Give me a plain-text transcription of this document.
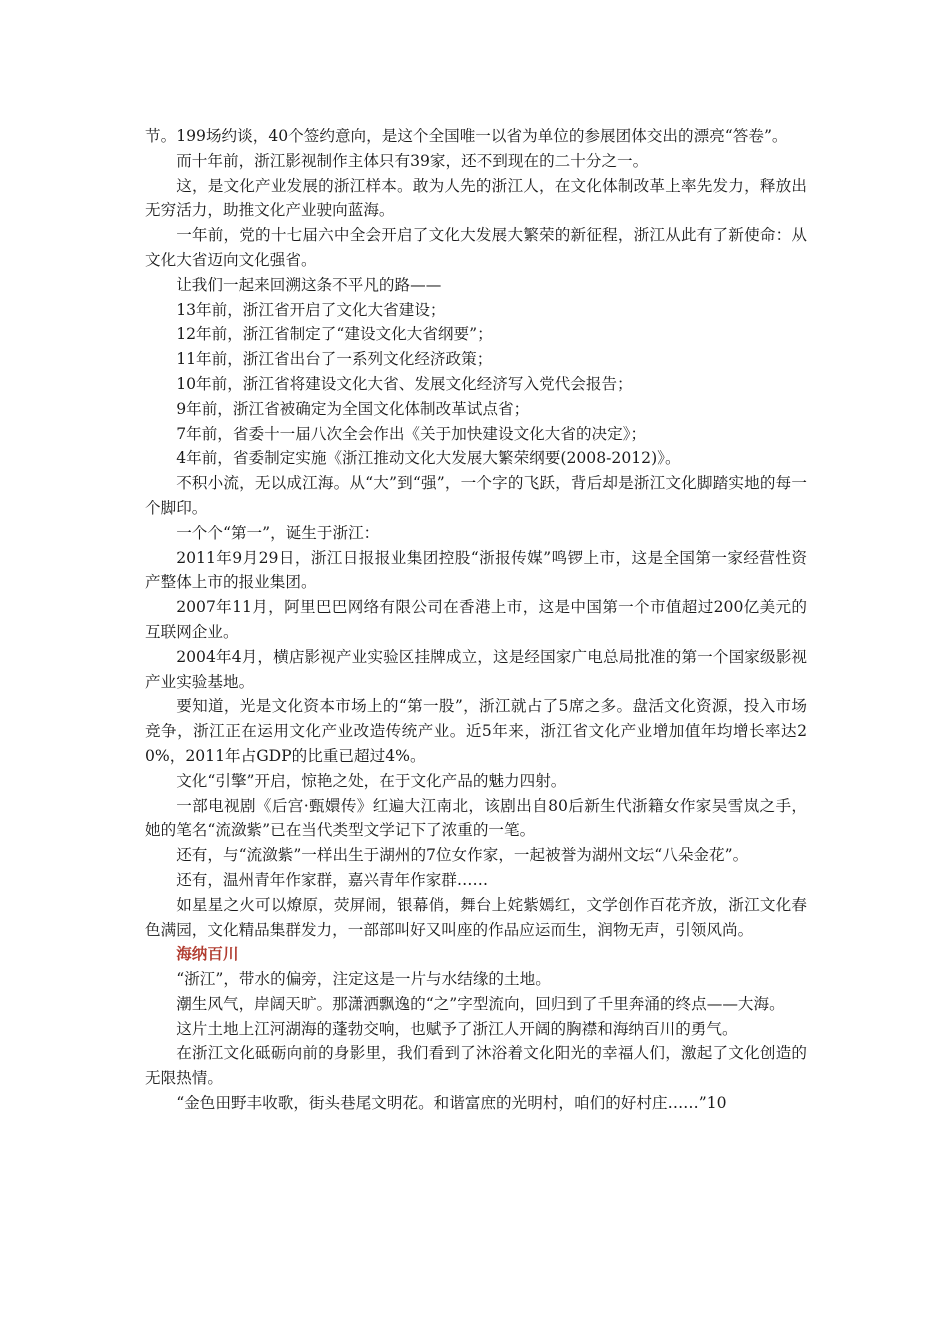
节。199场约谈，40个签约意向，是这个全国唯一以省为单位的参展团体交出的漂亮“答卷”。

而十年前，浙江影视制作主体只有39家，还不到现在的二十分之一。

这，是文化产业发展的浙江样本。敢为人先的浙江人，在文化体制改革上率先发力，释放出无穷活力，助推文化产业驶向蓝海。

一年前，党的十七届六中全会开启了文化大发展大繁荣的新征程，浙江从此有了新使命：从文化大省迈向文化强省。

让我们一起来回溯这条不平凡的路——

13年前，浙江省开启了文化大省建设；

12年前，浙江省制定了“建设文化大省纲要”；

11年前，浙江省出台了一系列文化经济政策；

10年前，浙江省将建设文化大省、发展文化经济写入党代会报告；

9年前，浙江省被确定为全国文化体制改革试点省；

7年前，省委十一届八次全会作出《关于加快建设文化大省的决定》；

4年前，省委制定实施《浙江推动文化大发展大繁荣纲要(2008-2012)》。

不积小流，无以成江海。从“大”到“强”，一个字的飞跃，背后却是浙江文化脚踏实地的每一个脚印。

一个个“第一”，诞生于浙江：

2011年9月29日，浙江日报报业集团控股“浙报传媒”鸣锣上市，这是全国第一家经营性资产整体上市的报业集团。

2007年11月，阿里巴巴网络有限公司在香港上市，这是中国第一个市值超过200亿美元的互联网企业。

2004年4月，横店影视产业实验区挂牌成立，这是经国家广电总局批准的第一个国家级影视产业实验基地。

要知道，光是文化资本市场上的“第一股”，浙江就占了5席之多。盘活文化资源，投入市场竞争，浙江正在运用文化产业改造传统产业。近5年来，浙江省文化产业增加值年均增长率达20%，2011年占GDP的比重已超过4%。

文化“引擎”开启，惊艳之处，在于文化产品的魅力四射。

一部电视剧《后宫·甄嬛传》红遍大江南北，该剧出自80后新生代浙籍女作家吴雪岚之手，她的笔名“流潋紫”已在当代类型文学记下了浓重的一笔。

还有，与“流潋紫”一样出生于湖州的7位女作家，一起被誉为湖州文坛“八朵金花”。

还有，温州青年作家群，嘉兴青年作家群……

如星星之火可以燎原，荧屏闹，银幕俏，舞台上姹紫嫣红，文学创作百花齐放，浙江文化春色满园，文化精品集群发力，一部部叫好又叫座的作品应运而生，润物无声，引领风尚。

海纳百川

“浙江”，带水的偏旁，注定这是一片与水结缘的土地。

潮生风气，岸阔天旷。那潇洒飘逸的“之”字型流向，回归到了千里奔涌的终点——大海。

这片土地上江河湖海的蓬勃交响，也赋予了浙江人开阔的胸襟和海纳百川的勇气。

在浙江文化砥砺向前的身影里，我们看到了沐浴着文化阳光的幸福人们，激起了文化创造的无限热情。

“金色田野丰收歌，街头巷尾文明花。和谐富庶的光明村，咱们的好村庄……”10
